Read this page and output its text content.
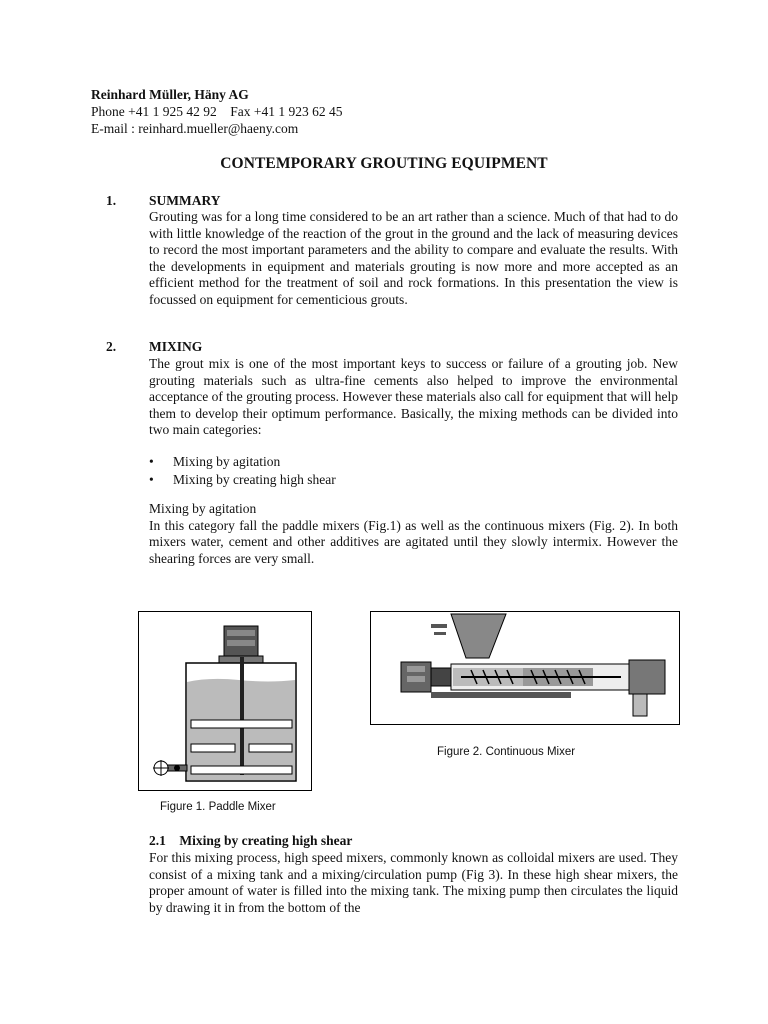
Reinhard Müller, Häny AG
Phone +41 1 925 42 92    Fax +41 1 923 62 45
E-mail : reinhard.mueller@haeny.com
CONTEMPORARY GROUTING EQUIPMENT
1. SUMMARY

Grouting was for a long time considered to be an art rather than a science. Much of that had to do with little knowledge of the reaction of the grout in the ground and the lack of measuring devices to record the most important parameters and the ability to compare and evaluate the results. With the developments in equipment and materials grouting is now more and more accepted as an efficient method for the treatment of soil and rock formations. In this presentation the view is focussed on equipment for cementicious grouts.

2. MIXING

The grout mix is one of the most important keys to success or failure of a grouting job. New grouting materials such as ultra-fine cements also helped to improve the environmental acceptance of the grouting process. However these materials also call for equipment that will help them to develop their optimum performance. Basically, the mixing methods can be divided into two main categories:

• Mixing by agitation
• Mixing by creating high shear

Mixing by agitation

In this category fall the paddle mixers (Fig.1) as well as the continuous mixers (Fig. 2). In both mixers water, cement and other additives are agitated until they slowly intermix. However the shearing forces are very small.

Figure 1. Paddle Mixer
Figure 2. Continuous Mixer
2.1    Mixing by creating high shear

For this mixing process, high speed mixers, commonly known as colloidal mixers are used. They consist of a mixing tank and a mixing/circulation pump (Fig 3). In these high shear mixers, the proper amount of water is filled into the mixing tank. The mixing pump then circulates the liquid by drawing it in from the bottom of the
